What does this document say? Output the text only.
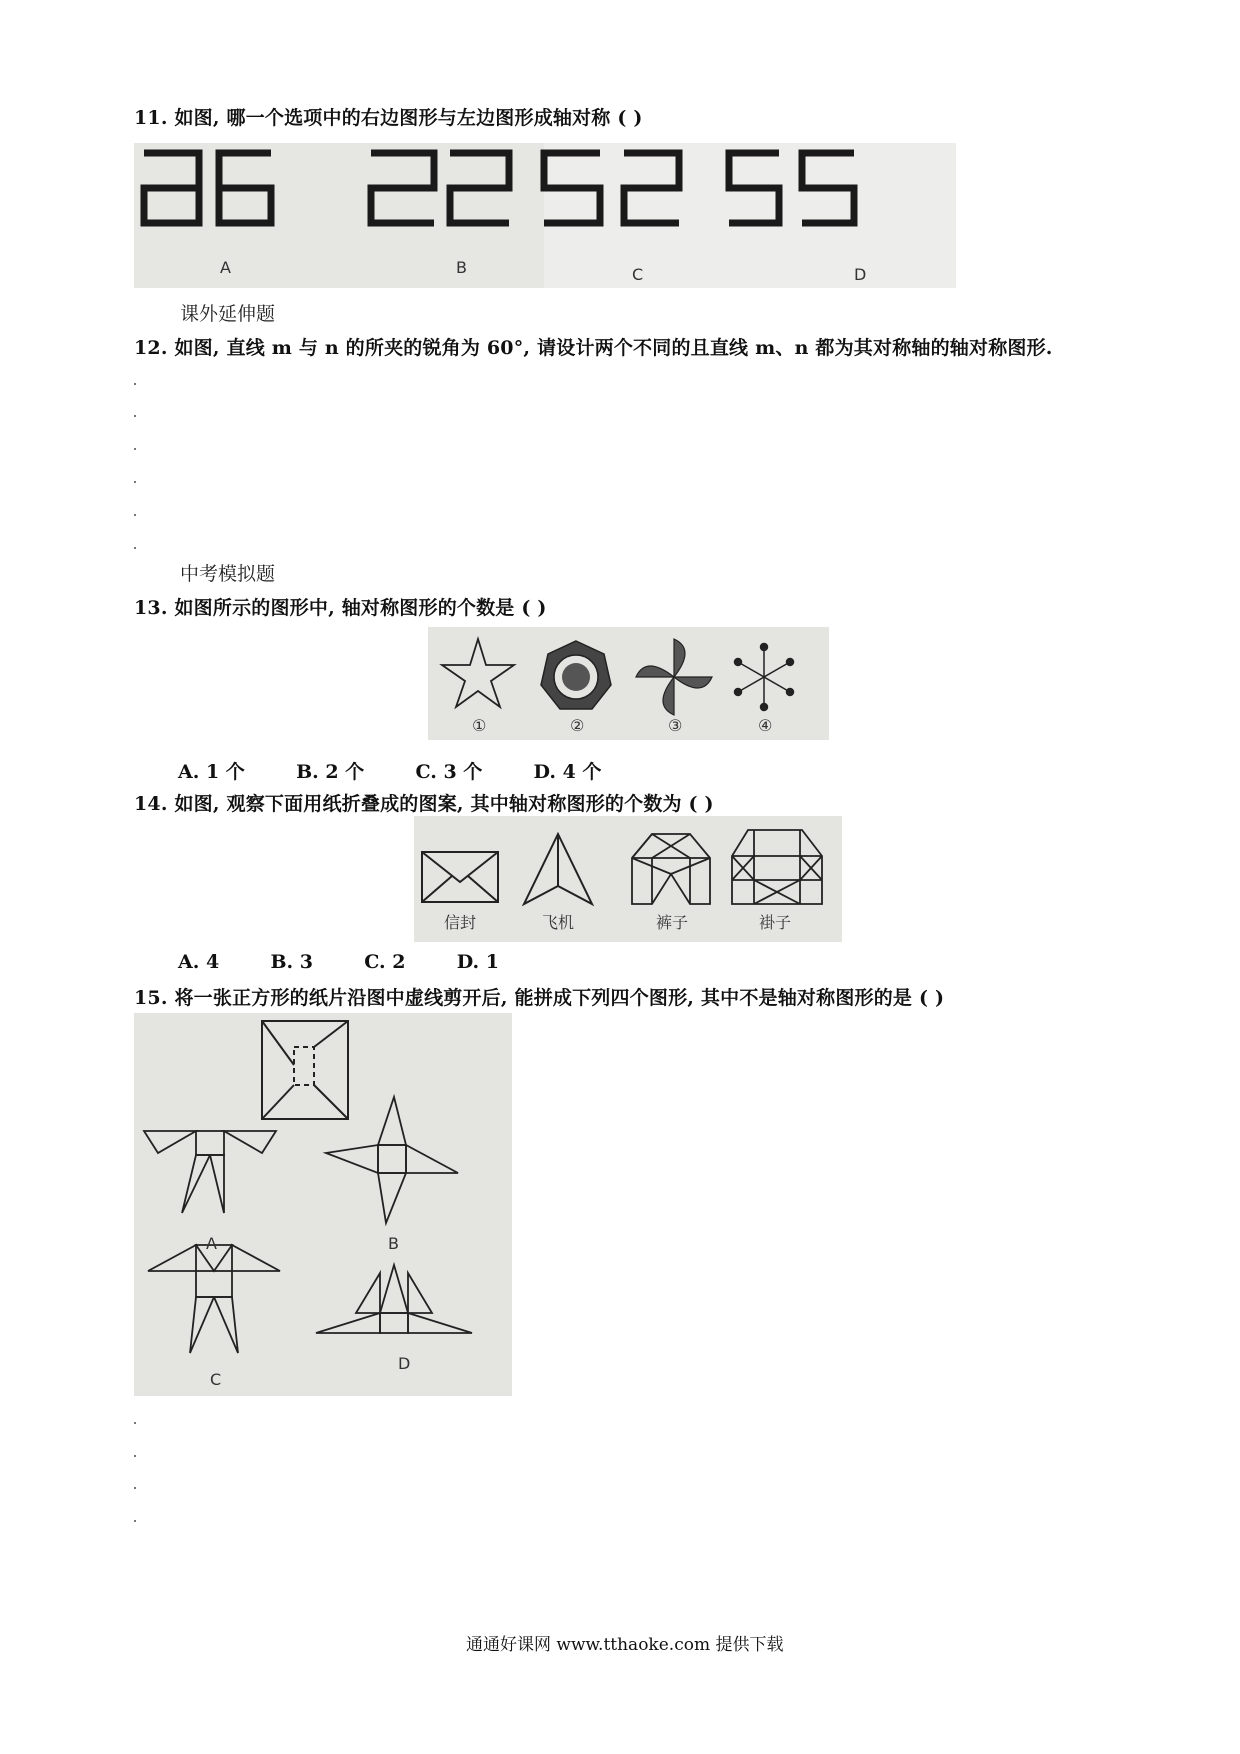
11. 如图, 哪一个选项中的右边图形与左边图形成轴对称 ( )
A	B	C	D
课外延伸题
12. 如图, 直线 m 与 n 的所夹的锐角为 60°, 请设计两个不同的且直线 m、n 都为其对称轴的轴对称图形.
中考模拟题
13. 如图所示的图形中, 轴对称图形的个数是 ( )
①	②	③	④
A. 1 个	B. 2 个	C. 3 个	D. 4 个
14. 如图, 观察下面用纸折叠成的图案, 其中轴对称图形的个数为 ( )
信封	飞机	裤子	褂子
A. 4	B. 3	C. 2	D. 1
15. 将一张正方形的纸片沿图中虚线剪开后, 能拼成下列四个图形, 其中不是轴对称图形的是 ( )
A	B
C
D
通通好课网 www.tthaoke.com 提供下载
